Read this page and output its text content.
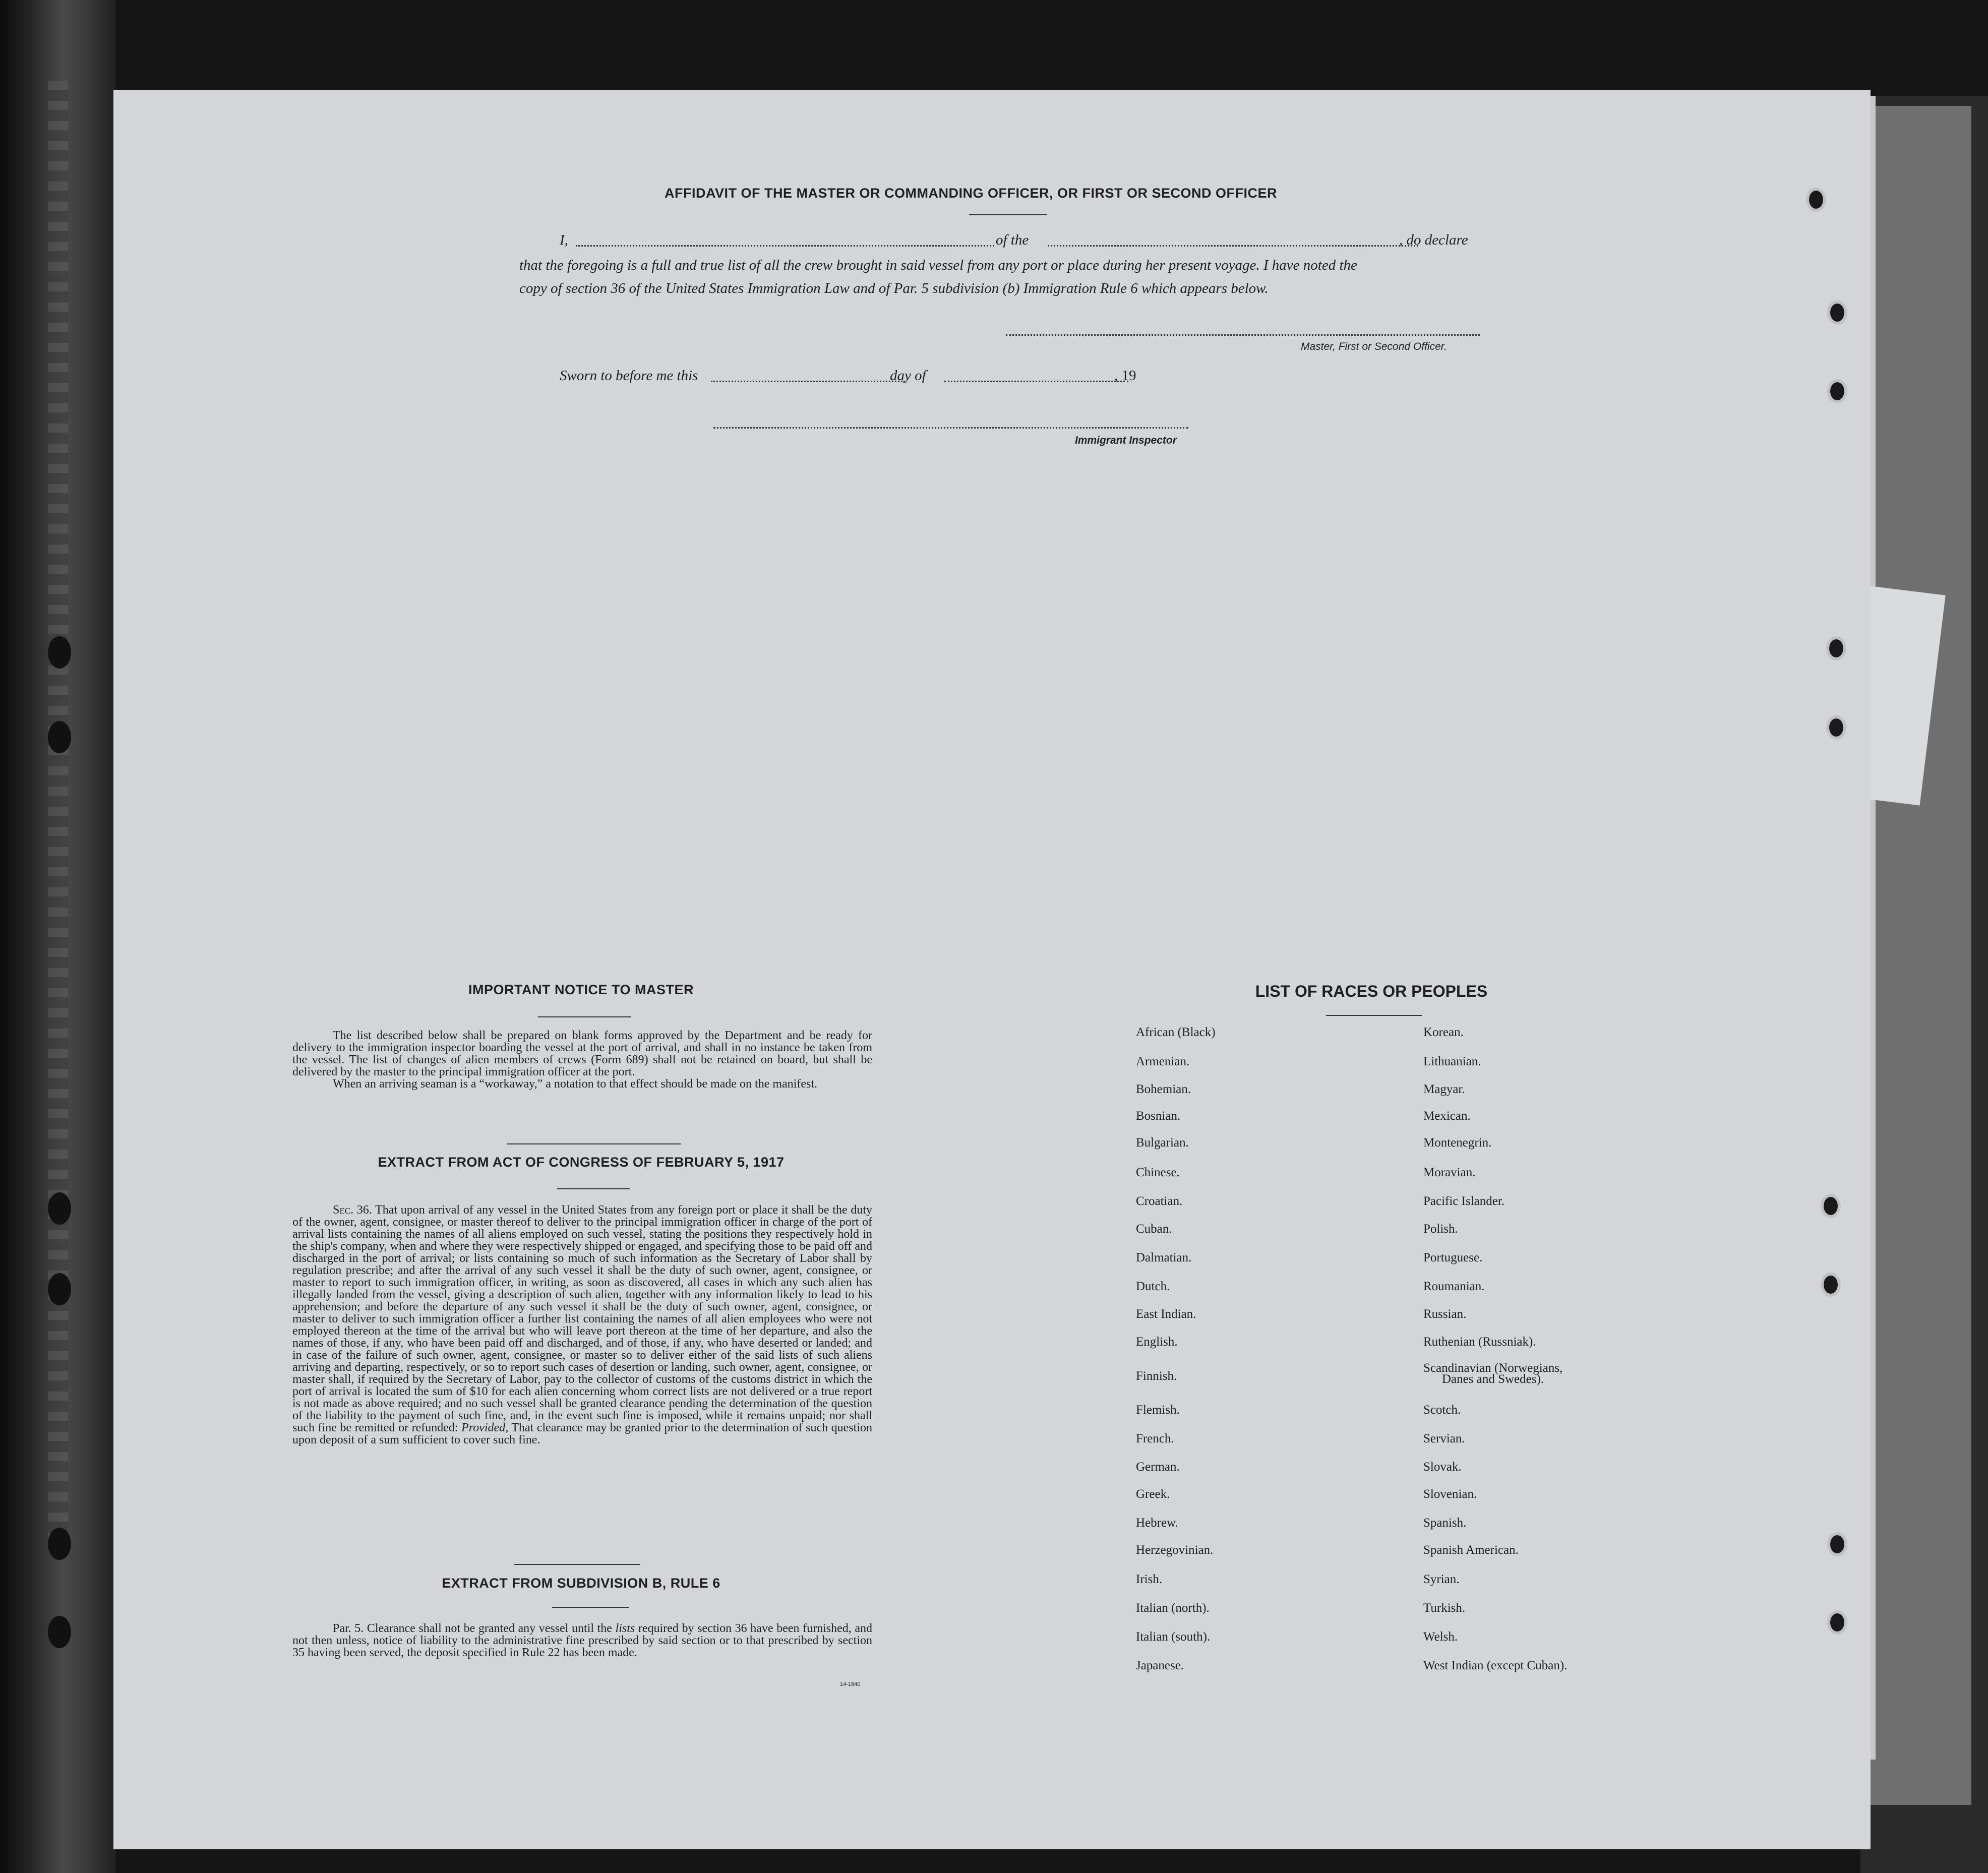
AFFIDAVIT OF THE MASTER OR COMMANDING OFFICER, OR FIRST OR SECOND OFFICER
I,	of the	, do declare
that the foregoing is a full and true list of all the crew brought in said vessel from any port or place during her present voyage. I have noted the
copy of section 36 of the United States Immigration Law and of Par. 5 subdivision (b) Immigration Rule 6 which appears below.
Master, First or Second Officer.
Sworn to before me this	day of	, 19
Immigrant Inspector
IMPORTANT NOTICE TO MASTER

The list described below shall be prepared on blank forms approved by the Department and be ready for delivery to the immigration inspector boarding the vessel at the port of arrival, and shall in no instance be taken from the vessel. The list of changes of alien members of crews (Form 689) shall not be retained on board, but shall be delivered by the master to the principal immigration officer at the port.

When an arriving seaman is a “workaway,” a notation to that effect should be made on the manifest.

EXTRACT FROM ACT OF CONGRESS OF FEBRUARY 5, 1917

Sec. 36. That upon arrival of any vessel in the United States from any foreign port or place it shall be the duty of the owner, agent, consignee, or master thereof to deliver to the principal immigration officer in charge of the port of arrival lists containing the names of all aliens employed on such vessel, stating the positions they respectively hold in the ship's company, when and where they were respectively shipped or engaged, and specifying those to be paid off and discharged in the port of arrival; or lists containing so much of such information as the Secretary of Labor shall by regulation prescribe; and after the arrival of any such vessel it shall be the duty of such owner, agent, consignee, or master to report to such immigration officer, in writing, as soon as discovered, all cases in which any such alien has illegally landed from the vessel, giving a description of such alien, together with any information likely to lead to his apprehension; and before the departure of any such vessel it shall be the duty of such owner, agent, consignee, or master to deliver to such immigration officer a further list containing the names of all alien employees who were not employed thereon at the time of the arrival but who will leave port thereon at the time of her departure, and also the names of those, if any, who have been paid off and discharged, and of those, if any, who have deserted or landed; and in case of the failure of such owner, agent, consignee, or master so to deliver either of the said lists of such aliens arriving and departing, respectively, or so to report such cases of desertion or landing, such owner, agent, consignee, or master shall, if required by the Secretary of Labor, pay to the collector of customs of the customs district in which the port of arrival is located the sum of $10 for each alien concerning whom correct lists are not delivered or a true report is not made as above required; and no such vessel shall be granted clearance pending the determination of the question of the liability to the payment of such fine, and, in the event such fine is imposed, while it remains unpaid; nor shall such fine be remitted or refunded: Provided, That clearance may be granted prior to the determination of such question upon deposit of a sum sufficient to cover such fine.

EXTRACT FROM SUBDIVISION B, RULE 6

Par. 5. Clearance shall not be granted any vessel until the lists required by section 36 have been furnished, and not then unless, notice of liability to the administrative fine prescribed by said section or to that prescribed by section 35 having been served, the deposit specified in Rule 22 has been made.

14-1840
LIST OF RACES OR PEOPLES
African (Black)
Armenian.
Bohemian.
Bosnian.
Bulgarian.
Chinese.
Croatian.
Cuban.
Dalmatian.
Dutch.
East Indian.
English.
Finnish.
Flemish.
French.
German.
Greek.
Hebrew.
Herzegovinian.
Irish.
Italian (north).
Italian (south).
Japanese.
Korean.
Lithuanian.
Magyar.
Mexican.
Montenegrin.
Moravian.
Pacific Islander.
Polish.
Portuguese.
Roumanian.
Russian.
Ruthenian (Russniak).
Scandinavian (Norwegians,
Scotch.
Servian.
Slovak.
Slovenian.
Spanish.
Spanish American.
Syrian.
Turkish.
Welsh.
West Indian (except Cuban).
Danes and Swedes).
